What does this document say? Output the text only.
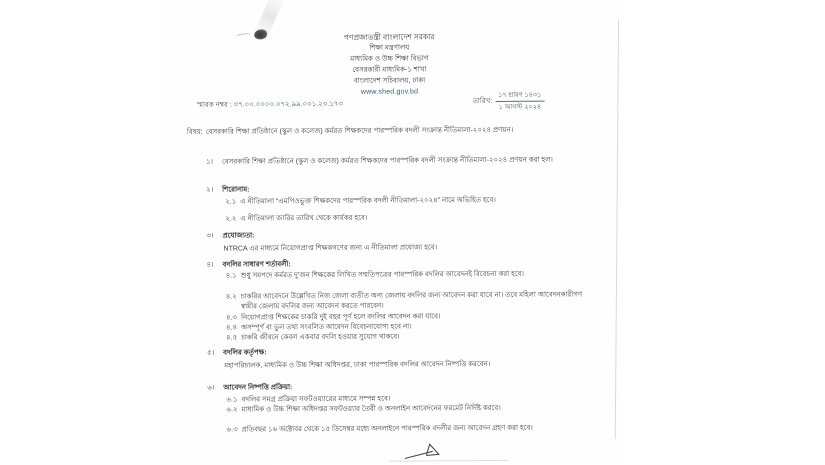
গণপ্রজাতন্ত্রী বাংলাদেশ সরকার
শিক্ষা মন্ত্রণালয়
মাধ্যমিক ও উচ্চ শিক্ষা বিভাগ
বেসরকারী মাধ্যমিক-১ শাখা
বাংলাদেশ সচিবালয়, ঢাকা
www.shed.gov.bd
স্মারক নম্বর : ৩৭.০০.০০০০.০৭২.৯৯.০০১.২৩.১৭৩	তারিখ: $\frac{\text{১৭ শ্রাবণ ১৪৩১}}{\text{১ আগস্ট ২০২৪}}$
বিষয়: বেসরকারি শিক্ষা প্রতিষ্ঠানে (স্কুল ও কলেজ) কর্মরত শিক্ষকদের পারস্পরিক বদলী সংক্রান্ত নীতিমালা-২০২৪ প্রণয়ন।
১।	বেসরকারি শিক্ষা প্রতিষ্ঠানে (স্কুল ও কলেজ) কর্মরত শিক্ষকদের পারস্পরিক বদলী সংক্রান্ত নীতিমালা-২০২৪ প্রণয়ন করা হল।
২।	শিরোনাম:
২.১ এ নীতিমালা “এমপিওভুক্ত শিক্ষকদের পারস্পরিক বদলী নীতিমালা-২০২৪” নামে অভিহিত হবে।
২.২ এ নীতিমালা জারির তারিখ থেকে কার্যকর হবে।
৩।	প্রযোজ্যতা:
NTRCA এর মাধ্যমে নিয়োগপ্রাপ্ত শিক্ষকগণের জন্য এ নীতিমালা প্রযোজ্য হবে।
৪।	বদলির সাধারণ শর্তাবলী:
৪.১ শুধু সমপদে কর্মরত দু’জন শিক্ষকের লিখিত সম্মতিপত্রের পারস্পরিক বদলির আবেদনই বিবেচনা করা হবে।
৪.২ চাকরির আবেদনে উল্লেখিত নিজ জেলা ব্যতীত অন্য জেলায় বদলির জন্য আবেদন করা যাবে না। তবে মহিলা আবেদনকারীগণ স্বামীর জেলায় বদলির জন্য আবেদন করতে পারবেন।
৪.৩ নিয়োগপ্রাপ্ত শিক্ষকের চাকরি দুই বছর পূর্ণ হলে বদলির আবেদন করা যাবে।
৪.৪ অসম্পূর্ণ বা ভুল তথ্য সংবলিত আবেদন বিবেচনাযোগ্য হবে না।
৪.৫ চাকরি জীবনে কেবল একবার বদলি হওয়ার সুযোগ থাকবে।
৫।	বদলির কর্তৃপক্ষ:
মহাপরিচালক, মাধ্যমিক ও উচ্চ শিক্ষা অধিদপ্তর, ঢাকা পারস্পরিক বদলির আবেদন নিষ্পত্তি করবেন।
৬।	আবেদন নিষ্পত্তি প্রক্রিয়া:
৬.১ বদলির সমগ্র প্রক্রিয়া সফটওয়্যারের মাধ্যমে সম্পন্ন হবে।
৬.২ মাধ্যমিক ও উচ্চ শিক্ষা অধিদপ্তর সফটওয়্যার তৈরী ও অনলাইন আবেদনের ফরমেট নির্দিষ্ট করবে।
৬.৩ প্রতিবছর ১৬ অক্টোবর থেকে ১৫ ডিসেম্বর মধ্যে অনলাইনে পারস্পরিক বদলীর জন্য আবেদন গ্রহণ করা হবে।
